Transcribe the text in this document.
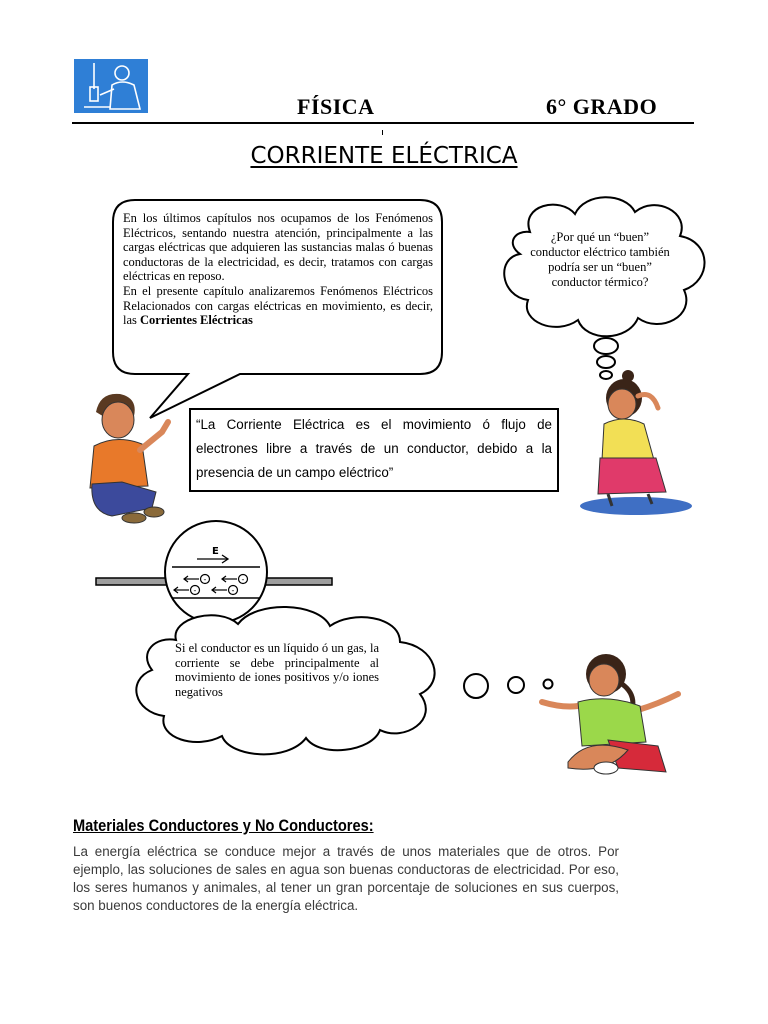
FÍSICA	6° GRADO
CORRIENTE ELÉCTRICA
En los últimos capítulos nos ocupamos de los Fenómenos Eléctricos, sentando nuestra atención, principalmente a las cargas eléctricas que adquieren las sustancias malas ó buenas conductoras de la electricidad, es decir, tratamos con cargas eléctricas en reposo.
En el presente capítulo analizaremos Fenómenos Eléctricos Relacionados con cargas eléctricas en movimiento, es decir, las Corrientes Eléctricas
¿Por qué un “buen” conductor eléctrico también podría ser un “buen” conductor térmico?
“La Corriente Eléctrica es el movimiento ó flujo de electrones libre a través de un conductor, debido a la presencia de un campo eléctrico”
E
-	-
-	-
Si el conductor es un líquido ó un gas, la corriente se debe principalmente al movimiento de iones positivos y/o iones negativos
Materiales Conductores y No Conductores:
La energía eléctrica se conduce mejor a través de unos materiales que de otros. Por ejemplo, las soluciones de sales en agua son buenas conductoras de electricidad. Por eso, los seres humanos y animales, al tener un gran porcentaje de soluciones en sus cuerpos, son buenos conductores de la energía eléctrica.
